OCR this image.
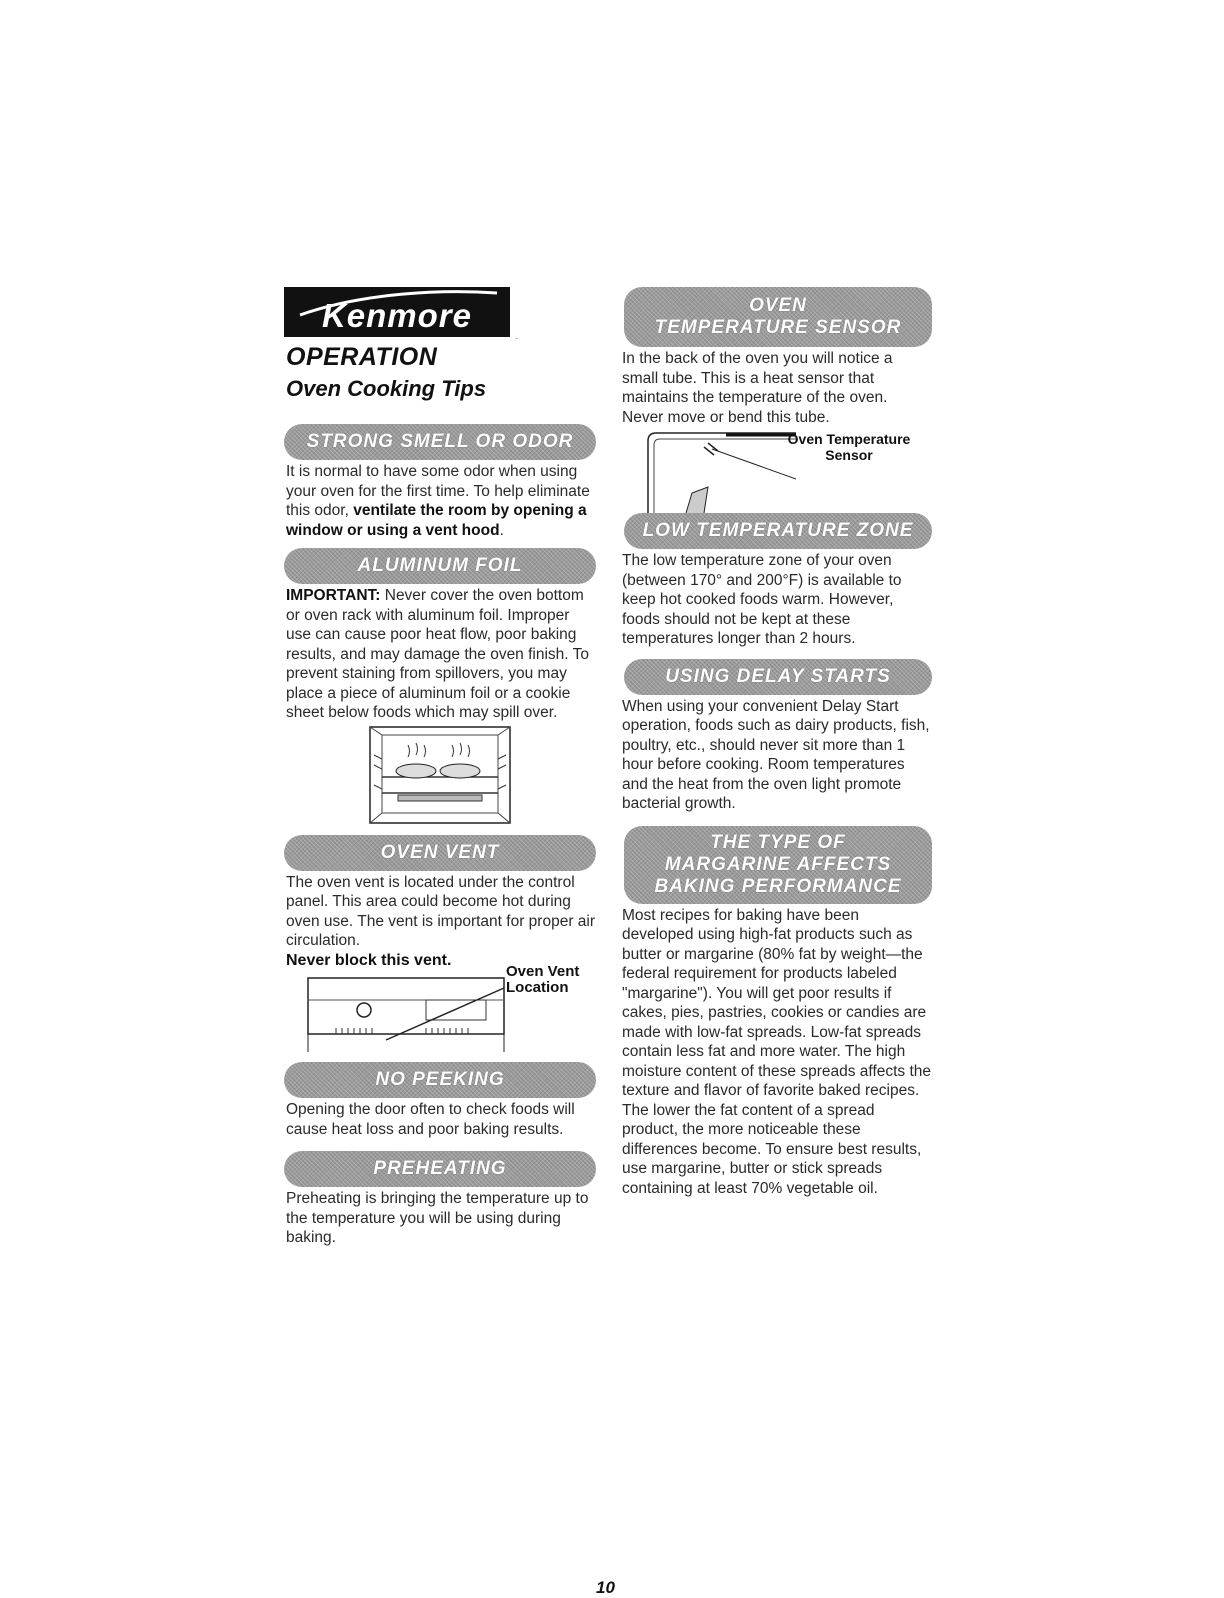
Kenmore
.
OPERATION
Oven Cooking Tips
STRONG SMELL OR ODOR
It is normal to have some odor when using your oven for the first time. To help eliminate this odor, ventilate the room by opening a window or using a vent hood.
ALUMINUM FOIL
IMPORTANT: Never cover the oven bottom or oven rack with aluminum foil. Improper use can cause poor heat flow, poor baking results, and may damage the oven finish. To prevent staining from spillovers, you may place a piece of aluminum foil or a cookie sheet below foods which may spill over.
OVEN VENT
The oven vent is located under the control panel. This area could become hot during oven use. The vent is important for proper air circulation.
Never block this vent.
Oven Vent Location
NO PEEKING
Opening the door often to check foods will cause heat loss and poor baking results.
PREHEATING
Preheating is bringing the temperature up to the temperature you will be using during baking.
OVEN
TEMPERATURE SENSOR
In the back of the oven you will notice a small tube. This is a heat sensor that maintains the temperature of the oven. Never move or bend this tube.
Oven Temperature Sensor
LOW TEMPERATURE ZONE
The low temperature zone of your oven (between 170° and 200°F) is available to keep hot cooked foods warm. However, foods should not be kept at these temperatures longer than 2 hours.
USING DELAY STARTS
When using your convenient Delay Start operation, foods such as dairy products, fish, poultry, etc., should never sit more than 1 hour before cooking. Room temperatures and the heat from the oven light promote bacterial growth.
THE TYPE OF
MARGARINE AFFECTS
BAKING PERFORMANCE
Most recipes for baking have been developed using high-fat products such as butter or margarine (80% fat by weight—the federal requirement for products labeled "margarine"). You will get poor results if cakes, pies, pastries, cookies or candies are made with low-fat spreads. Low-fat spreads contain less fat and more water. The high moisture content of these spreads affects the texture and flavor of favorite baked recipes. The lower the fat content of a spread product, the more noticeable these differences become. To ensure best results, use margarine, butter or stick spreads containing at least 70% vegetable oil.
10
